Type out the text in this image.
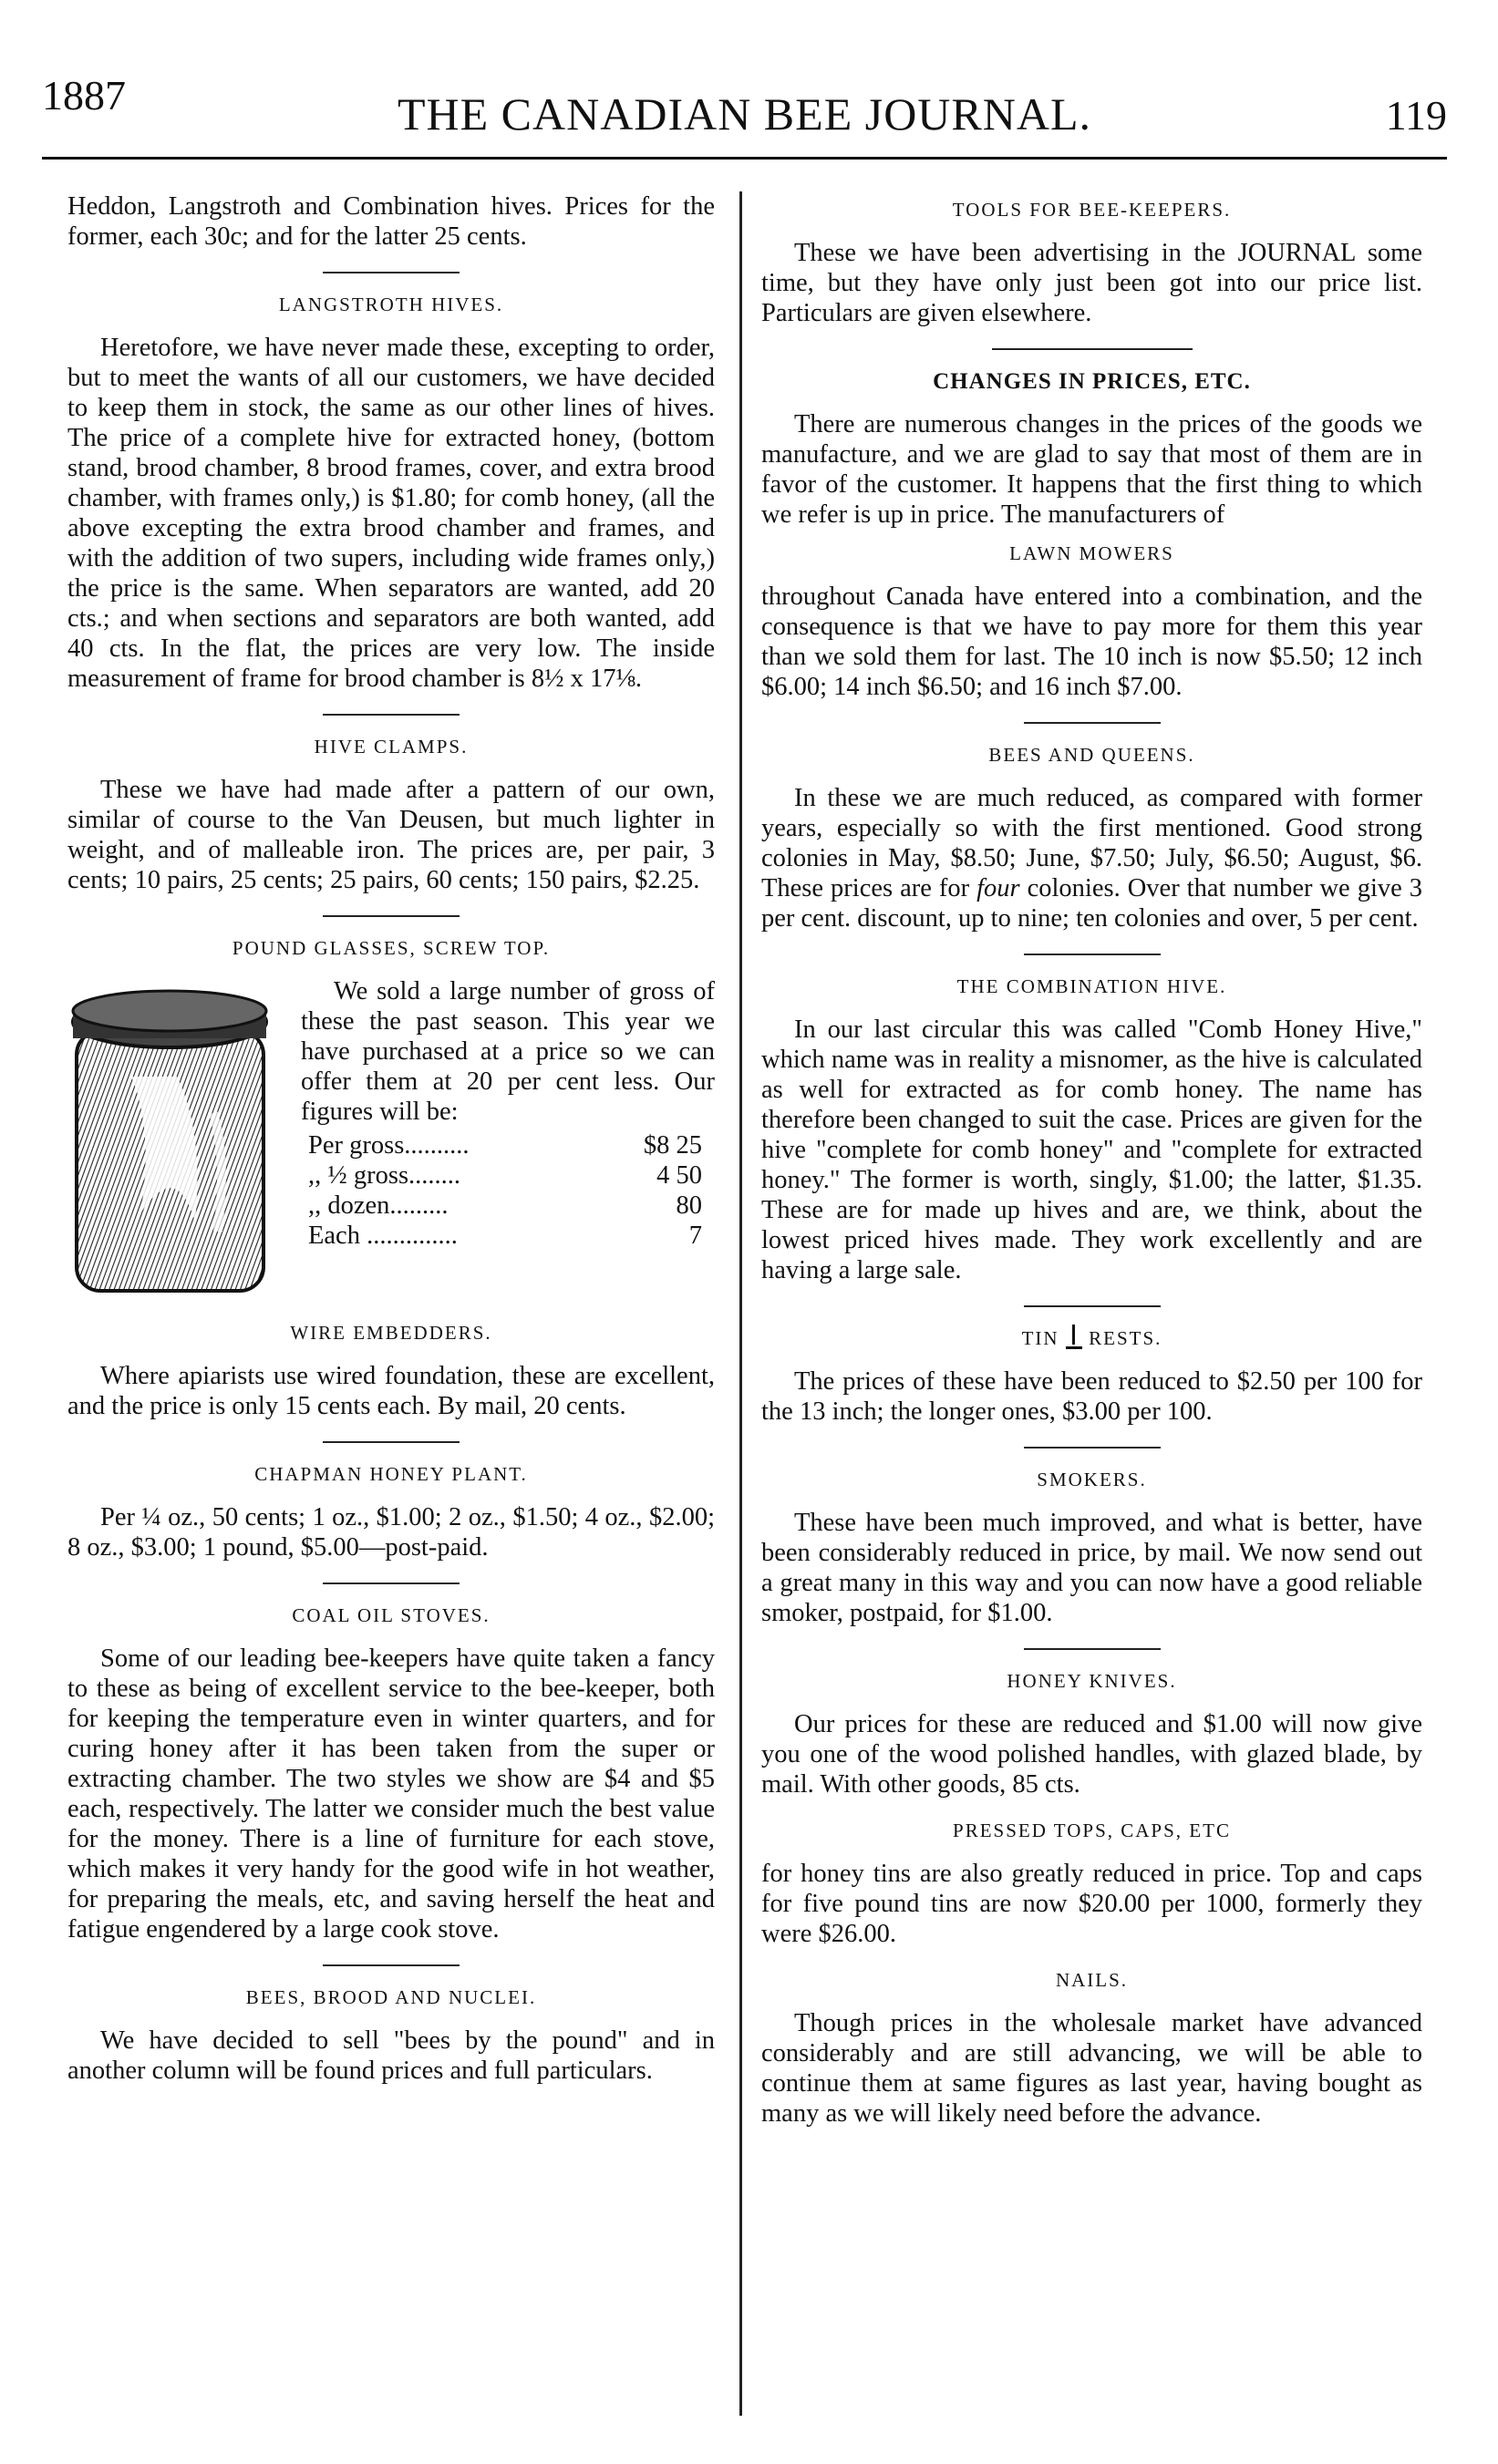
1887	THE CANADIAN BEE JOURNAL.	119

Heddon, Langstroth and Combination hives. Prices for the former, each 30c; and for the latter 25 cents.

LANGSTROTH HIVES.

Heretofore, we have never made these, excepting to order, but to meet the wants of all our customers, we have decided to keep them in stock, the same as our other lines of hives. The price of a complete hive for extracted honey, (bottom stand, brood chamber, 8 brood frames, cover, and extra brood chamber, with frames only,) is $1.80; for comb honey, (all the above excepting the extra brood chamber and frames, and with the addition of two supers, including wide frames only,) the price is the same. When separators are wanted, add 20 cts.; and when sections and separators are both wanted, add 40 cts. In the flat, the prices are very low. The inside measurement of frame for brood chamber is 8½ x 17⅛.

HIVE CLAMPS.

These we have had made after a pattern of our own, similar of course to the Van Deusen, but much lighter in weight, and of malleable iron. The prices are, per pair, 3 cents; 10 pairs, 25 cents; 25 pairs, 60 cents; 150 pairs, $2.25.

POUND GLASSES, SCREW TOP.

We sold a large number of gross of these the past season. This year we have purchased at a price so we can offer them at 20 per cent less. Our figures will be:

Per gross..........	$8 25
,, ½ gross........	4 50
,, dozen.........	80
Each ..............	7
WIRE EMBEDDERS.

Where apiarists use wired foundation, these are excellent, and the price is only 15 cents each. By mail, 20 cents.

CHAPMAN HONEY PLANT.

Per ¼ oz., 50 cents; 1 oz., $1.00; 2 oz., $1.50; 4 oz., $2.00; 8 oz., $3.00; 1 pound, $5.00—post-paid.

COAL OIL STOVES.

Some of our leading bee-keepers have quite taken a fancy to these as being of excellent service to the bee-keeper, both for keeping the temperature even in winter quarters, and for curing honey after it has been taken from the super or extracting chamber. The two styles we show are $4 and $5 each, respectively. The latter we consider much the best value for the money. There is a line of furniture for each stove, which makes it very handy for the good wife in hot weather, for preparing the meals, etc, and saving herself the heat and fatigue engendered by a large cook stove.

BEES, BROOD AND NUCLEI.

We have decided to sell "bees by the pound" and in another column will be found prices and full particulars.

TOOLS FOR BEE-KEEPERS.

These we have been advertising in the JOURNAL some time, but they have only just been got into our price list. Particulars are given elsewhere.

CHANGES IN PRICES, ETC.

There are numerous changes in the prices of the goods we manufacture, and we are glad to say that most of them are in favor of the customer. It happens that the first thing to which we refer is up in price. The manufacturers of

LAWN MOWERS

throughout Canada have entered into a combination, and the consequence is that we have to pay more for them this year than we sold them for last. The 10 inch is now $5.50; 12 inch $6.00; 14 inch $6.50; and 16 inch $7.00.

BEES AND QUEENS.

In these we are much reduced, as compared with former years, especially so with the first mentioned. Good strong colonies in May, $8.50; June, $7.50; July, $6.50; August, $6. These prices are for four colonies. Over that number we give 3 per cent. discount, up to nine; ten colonies and over, 5 per cent.

THE COMBINATION HIVE.

In our last circular this was called "Comb Honey Hive," which name was in reality a misnomer, as the hive is calculated as well for extracted as for comb honey. The name has therefore been changed to suit the case. Prices are given for the hive "complete for comb honey" and "complete for extracted honey." The former is worth, singly, $1.00; the latter, $1.35. These are for made up hives and are, we think, about the lowest priced hives made. They work excellently and are having a large sale.

TIN RESTS.

The prices of these have been reduced to $2.50 per 100 for the 13 inch; the longer ones, $3.00 per 100.

SMOKERS.

These have been much improved, and what is better, have been considerably reduced in price, by mail. We now send out a great many in this way and you can now have a good reliable smoker, postpaid, for $1.00.

HONEY KNIVES.

Our prices for these are reduced and $1.00 will now give you one of the wood polished handles, with glazed blade, by mail. With other goods, 85 cts.

PRESSED TOPS, CAPS, ETC

for honey tins are also greatly reduced in price. Top and caps for five pound tins are now $20.00 per 1000, formerly they were $26.00.

NAILS.

Though prices in the wholesale market have advanced considerably and are still advancing, we will be able to continue them at same figures as last year, having bought as many as we will likely need before the advance.
